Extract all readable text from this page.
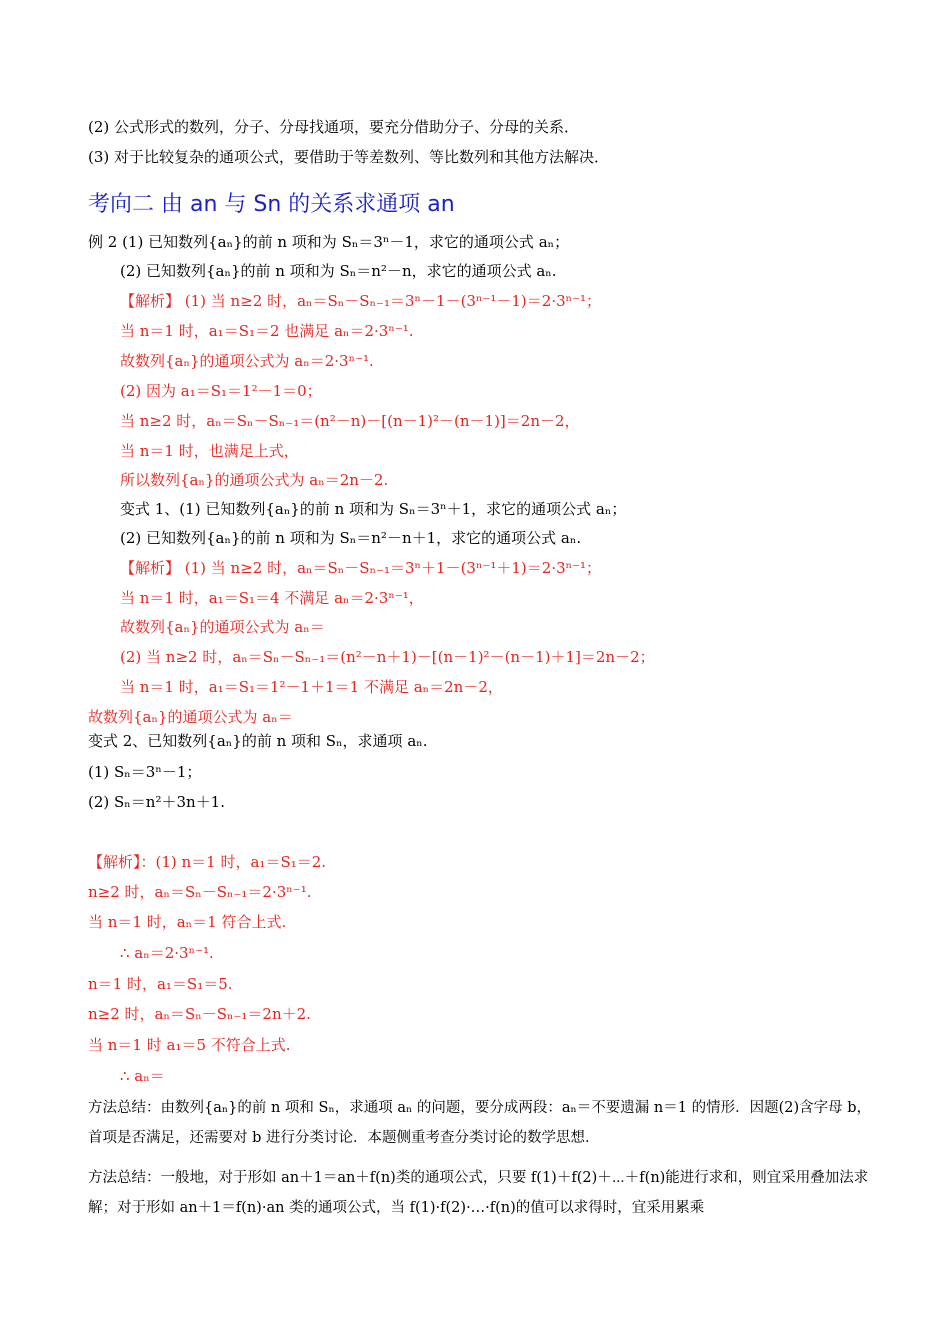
(2) 公式形式的数列，分子、分母找通项，要充分借助分子、分母的关系．
(3) 对于比较复杂的通项公式，要借助于等差数列、等比数列和其他方法解决．
考向二 由 an 与 Sn 的关系求通项 an
例 2 (1) 已知数列{aₙ}的前 n 项和为 Sₙ＝3ⁿ－1，求它的通项公式 aₙ；
(2) 已知数列{aₙ}的前 n 项和为 Sₙ＝n²－n，求它的通项公式 aₙ.
【解析】 (1) 当 n≥2 时，aₙ＝Sₙ－Sₙ₋₁＝3ⁿ－1－(3ⁿ⁻¹－1)＝2·3ⁿ⁻¹；
当 n＝1 时，a₁＝S₁＝2 也满足 aₙ＝2·3ⁿ⁻¹.
故数列{aₙ}的通项公式为 aₙ＝2·3ⁿ⁻¹.
(2) 因为 a₁＝S₁＝1²－1＝0；
当 n≥2 时，aₙ＝Sₙ－Sₙ₋₁＝(n²－n)－[(n－1)²－(n－1)]＝2n－2，
当 n＝1 时，也满足上式，
所以数列{aₙ}的通项公式为 aₙ＝2n－2.
变式 1、(1) 已知数列{aₙ}的前 n 项和为 Sₙ＝3ⁿ＋1，求它的通项公式 aₙ；
(2) 已知数列{aₙ}的前 n 项和为 Sₙ＝n²－n＋1，求它的通项公式 aₙ.
【解析】 (1) 当 n≥2 时，aₙ＝Sₙ－Sₙ₋₁＝3ⁿ＋1－(3ⁿ⁻¹＋1)＝2·3ⁿ⁻¹；
当 n＝1 时，a₁＝S₁＝4 不满足 aₙ＝2·3ⁿ⁻¹，
故数列{aₙ}的通项公式为 aₙ＝
(2) 当 n≥2 时，aₙ＝Sₙ－Sₙ₋₁＝(n²－n＋1)－[(n－1)²－(n－1)＋1]＝2n－2；
当 n＝1 时，a₁＝S₁＝1²－1＋1＝1 不满足 aₙ＝2n－2，
故数列{aₙ}的通项公式为 aₙ＝
变式 2、已知数列{aₙ}的前 n 项和 Sₙ，求通项 aₙ.
(1) Sₙ＝3ⁿ－1；
(2) Sₙ＝n²＋3n＋1.
【解析】：(1) n＝1 时，a₁＝S₁＝2.
n≥2 时，aₙ＝Sₙ－Sₙ₋₁＝2·3ⁿ⁻¹.
当 n＝1 时，aₙ＝1 符合上式.
∴ aₙ＝2·3ⁿ⁻¹.
n＝1 时，a₁＝S₁＝5.
n≥2 时，aₙ＝Sₙ－Sₙ₋₁＝2n＋2.
当 n＝1 时 a₁＝5 不符合上式.
∴ aₙ＝
方法总结：由数列{aₙ}的前 n 项和 Sₙ，求通项 aₙ 的问题，要分成两段：aₙ＝不要遗漏 n＝1 的情形．因题(2)含字母 b，首项是否满足，还需要对 b 进行分类讨论．本题侧重考查分类讨论的数学思想．
方法总结：一般地，对于形如 an＋1＝an＋f(n)类的通项公式，只要 f(1)＋f(2)＋⋯＋f(n)能进行求和，则宜采用叠加法求解；对于形如 an＋1＝f(n)·an 类的通项公式，当 f(1)·f(2)·…·f(n)的值可以求得时，宜采用累乘
